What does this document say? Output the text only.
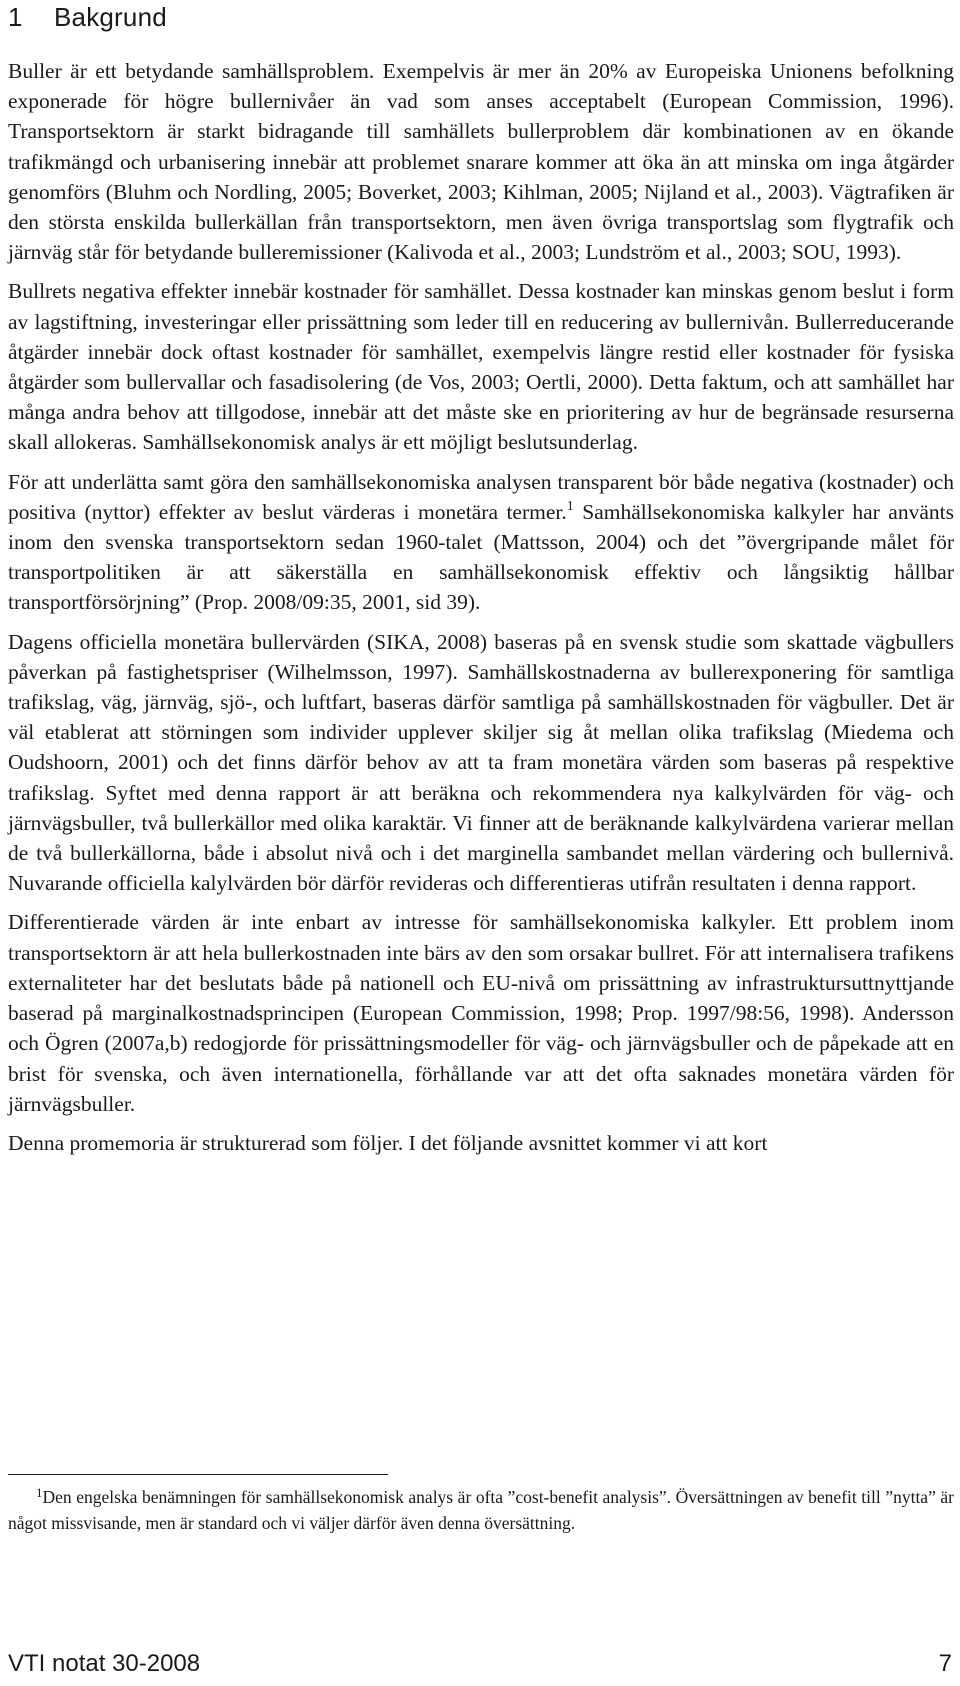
1 Bakgrund

Buller är ett betydande samhällsproblem. Exempelvis är mer än 20% av Europeiska Unionens befolkning exponerade för högre bullernivåer än vad som anses acceptabelt (European Commission, 1996). Transportsektorn är starkt bidragande till samhällets bullerproblem där kombinationen av en ökande trafikmängd och urbanisering innebär att problemet snarare kommer att öka än att minska om inga åtgärder genomförs (Bluhm och Nordling, 2005; Boverket, 2003; Kihlman, 2005; Nijland et al., 2003). Vägtrafiken är den största enskilda bullerkällan från transportsektorn, men även övriga transportslag som flygtrafik och järnväg står för betydande bulleremissioner (Kalivoda et al., 2003; Lundström et al., 2003; SOU, 1993).

Bullrets negativa effekter innebär kostnader för samhället. Dessa kostnader kan minskas genom beslut i form av lagstiftning, investeringar eller prissättning som leder till en reducering av bullernivån. Bullerreducerande åtgärder innebär dock oftast kostnader för samhället, exempelvis längre restid eller kostnader för fysiska åtgärder som bullervallar och fasadisolering (de Vos, 2003; Oertli, 2000). Detta faktum, och att samhället har många andra behov att tillgodose, innebär att det måste ske en prioritering av hur de begränsade resurserna skall allokeras. Samhällsekonomisk analys är ett möjligt beslutsunderlag.

För att underlätta samt göra den samhällsekonomiska analysen transparent bör både negativa (kostnader) och positiva (nyttor) effekter av beslut värderas i monetära termer.$^1$ Samhällsekonomiska kalkyler har använts inom den svenska transportsektorn sedan 1960-talet (Mattsson, 2004) och det ”övergripande målet för transportpolitiken är att säkerställa en samhällsekonomisk effektiv och långsiktig hållbar transportförsörjning” (Prop. 2008/09:35, 2001, sid 39).

Dagens officiella monetära bullervärden (SIKA, 2008) baseras på en svensk studie som skattade vägbullers påverkan på fastighetspriser (Wilhelmsson, 1997). Samhällskostnaderna av bullerexponering för samtliga trafikslag, väg, järnväg, sjö-, och luftfart, baseras därför samtliga på samhällskostnaden för vägbuller. Det är väl etablerat att störningen som individer upplever skiljer sig åt mellan olika trafikslag (Miedema och Oudshoorn, 2001) och det finns därför behov av att ta fram monetära värden som baseras på respektive trafikslag. Syftet med denna rapport är att beräkna och rekommendera nya kalkylvärden för väg- och järnvägsbuller, två bullerkällor med olika karaktär. Vi finner att de beräknande kalkylvärdena varierar mellan de två bullerkällorna, både i absolut nivå och i det marginella sambandet mellan värdering och bullernivå. Nuvarande officiella kalylvärden bör därför revideras och differentieras utifrån resultaten i denna rapport.

Differentierade värden är inte enbart av intresse för samhällsekonomiska kalkyler. Ett problem inom transportsektorn är att hela bullerkostnaden inte bärs av den som orsakar bullret. För att internalisera trafikens externaliteter har det beslutats både på nationell och EU-nivå om prissättning av infrastruktursuttnyttjande baserad på marginalkostnadsprincipen (European Commission, 1998; Prop. 1997/98:56, 1998). Andersson och Ögren (2007a,b) redogjorde för prissättningsmodeller för väg- och järnvägsbuller och de påpekade att en brist för svenska, och även internationella, förhållande var att det ofta saknades monetära värden för järnvägsbuller.

Denna promemoria är strukturerad som följer. I det följande avsnittet kommer vi att kort

$^1$Den engelska benämningen för samhällsekonomisk analys är ofta ”cost-benefit analysis”. Översättningen av benefit till ”nytta” är något missvisande, men är standard och vi väljer därför även denna översättning.

VTI notat 30-2008	7
